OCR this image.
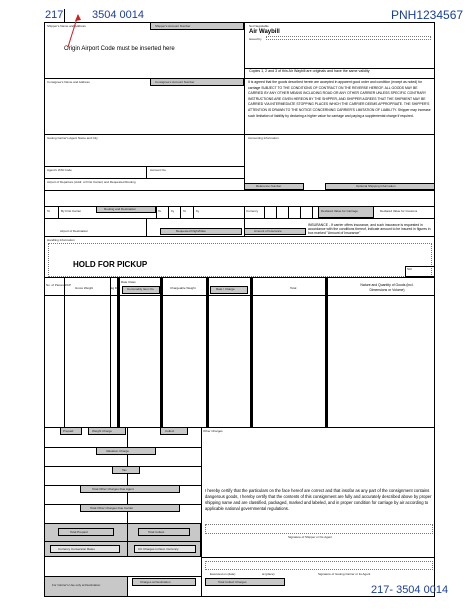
217	3504 0014	PNH1234567
Shipper's Name and Address	Shipper's Account Number
Origin Airport Code must be inserted here
Not Negotiable
Air Waybill
issued by
Copies 1, 2 and 3 of this Air Waybill are originals and have the same validity
Consignee's Name and Address	Consignee's Account Number	It is agreed that the goods described herein are accepted in apparent good order and condition (except as noted) for carriage SUBJECT TO THE CONDITIONS OF CONTRACT ON THE REVERSE HEREOF. ALL GOODS MAY BE CARRIED BY ANY OTHER MEANS INCLUDING ROAD OR ANY OTHER CARRIER UNLESS SPECIFIC CONTRARY INSTRUCTIONS ARE GIVEN HEREON BY THE SHIPPER, AND SHIPPER AGREES THAT THE SHIPMENT MAY BE CARRIED VIA INTERMEDIATE STOPPING PLACES WHICH THE CARRIER DEEMS APPROPRIATE. THE SHIPPER'S ATTENTION IS DRAWN TO THE NOTICE CONCERNING CARRIER'S LIMITATION OF LIABILITY. Shipper may increase such limitation of liability by declaring a higher value for carriage and paying a supplemental charge if required.
Issuing Carrier's Agent Name and City	Accounting Information
Agent's IATA Code	Account No.
Airport of Departure (Addr. of First Carrier) and Requested Routing
Reference Number	Optional Shipping Information
To	By First Carrier	Routing and Destination	To	by	To	by	Currency	Declared Value for Carriage	Declared Value for Customs
Airport of Destination	Requested Flight/Date	Amount of Insurance
INSURANCE - If carrier offers insurance, and such insurance is requested in accordance with the conditions thereof, indicate amount to be insured in figures in box marked "Amount of Insurance"
Handling Information
HOLD FOR PICKUP	SCI
No. of Pieces RCP
Gross Weight	kg lb
Rate Class
Commodity Item No.	Chargeable Weight	Rate / Charge	Total
Nature and Quantity of Goods (incl. Dimensions or Volume)
Prepaid	Weight Charge	Collect	Other Charges
Valuation Charge
Tax
Total Other Charges Due Agent
Total Other Charges Due Carrier
I hereby certify that the particulars on the face hereof are correct and that insofar as any part of the consignment contains dangerous goods, I hereby certify that the contents of this consignment are fully and accurately described above by proper shipping name and are classified, packaged, marked and labeled, and in proper condition for carriage by air according to applicable national governmental regulations.
Signature of Shipper or his Agent
Total Prepaid	Total Collect
Currency Conversion Rates	CC Charges in Dest. Currency
Executed on (date)	at (place)	Signature of Issuing Carrier or its Agent
For Carrier's Use only at Destination
Charges at Destination	Total Collect Charges
217- 3504 0014
